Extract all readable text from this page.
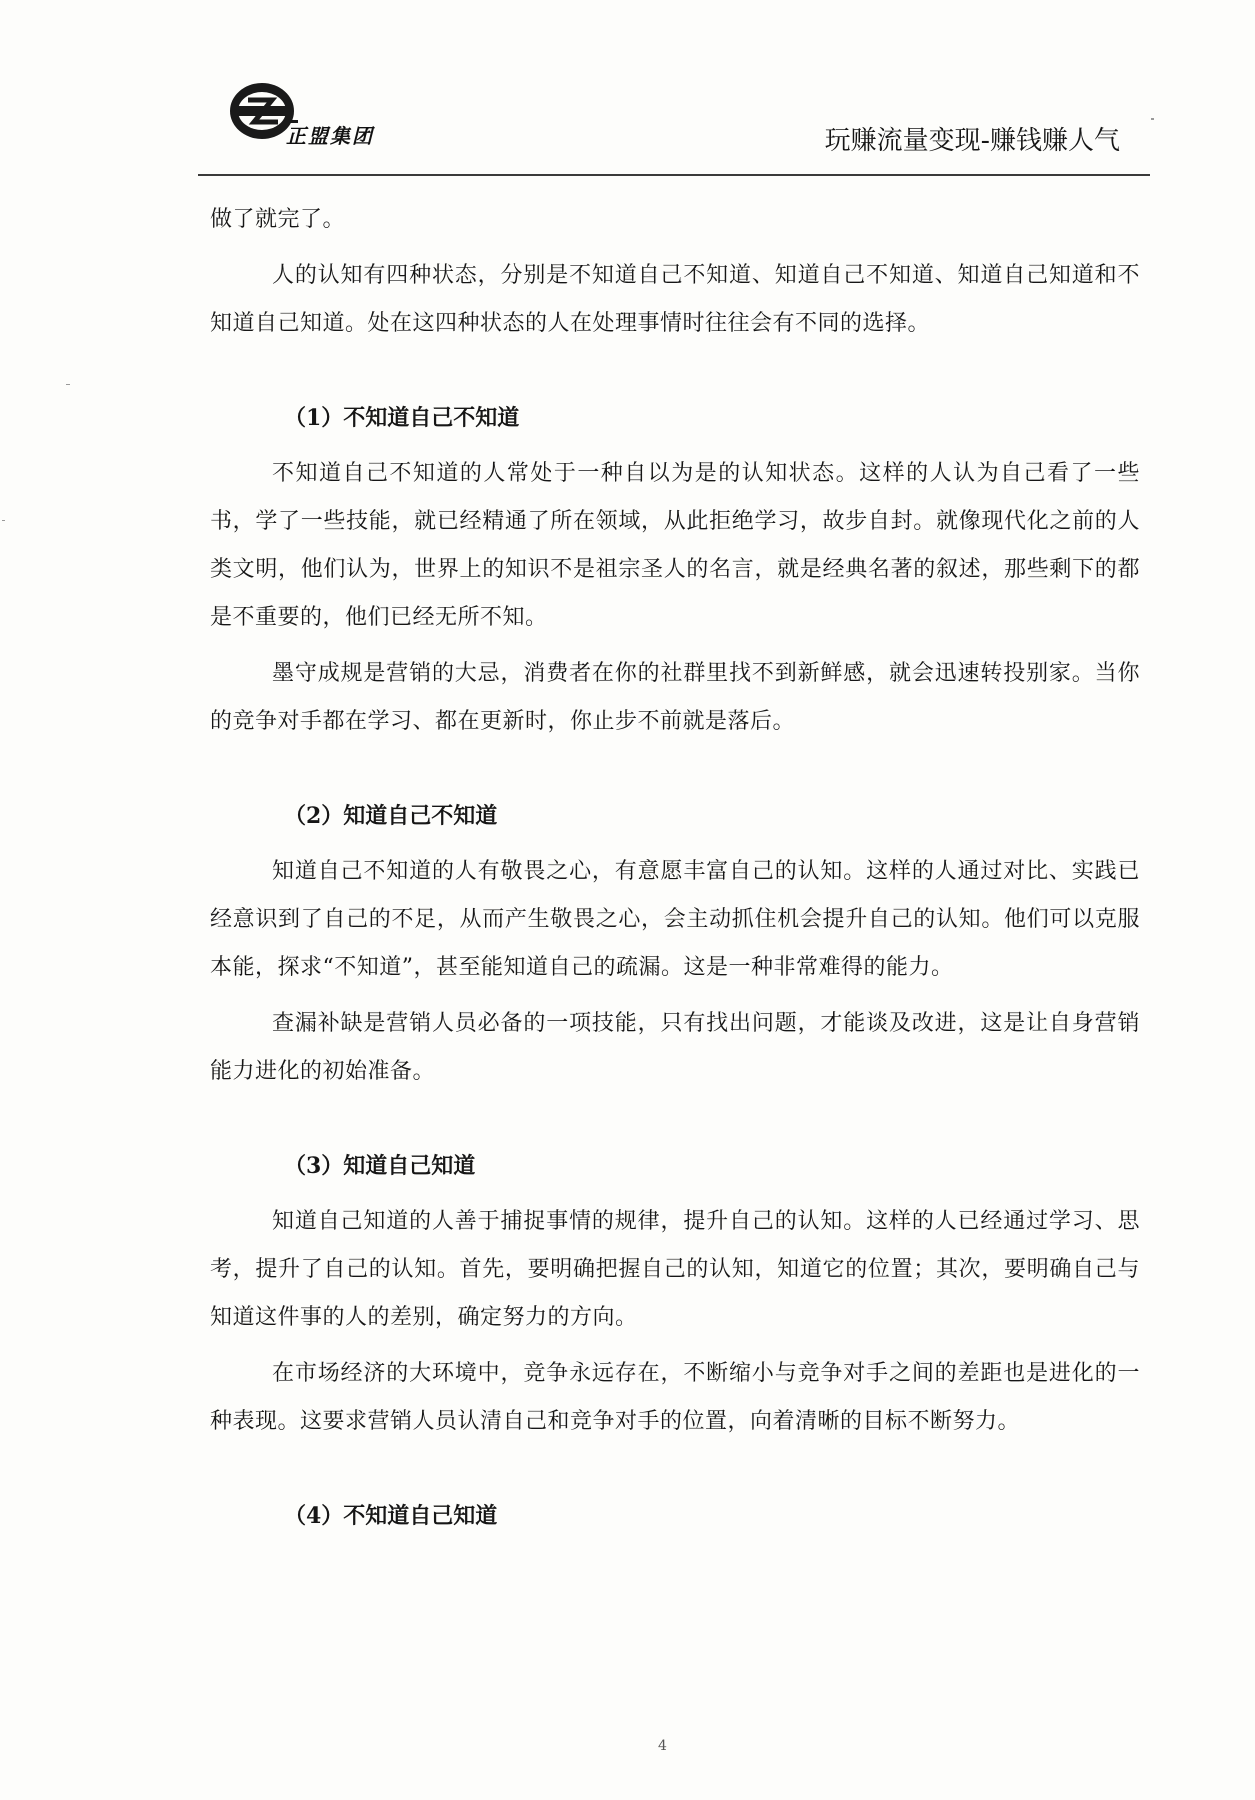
正盟集团	玩赚流量变现-赚钱赚人气

做了就完了。

人的认知有四种状态，分别是不知道自己不知道、知道自己不知道、知道自己知道和不知道自己知道。处在这四种状态的人在处理事情时往往会有不同的选择。

（1）不知道自己不知道

不知道自己不知道的人常处于一种自以为是的认知状态。这样的人认为自己看了一些书，学了一些技能，就已经精通了所在领域，从此拒绝学习，故步自封。就像现代化之前的人类文明，他们认为，世界上的知识不是祖宗圣人的名言，就是经典名著的叙述，那些剩下的都是不重要的，他们已经无所不知。

墨守成规是营销的大忌，消费者在你的社群里找不到新鲜感，就会迅速转投别家。当你的竞争对手都在学习、都在更新时，你止步不前就是落后。

（2）知道自己不知道

知道自己不知道的人有敬畏之心，有意愿丰富自己的认知。这样的人通过对比、实践已经意识到了自己的不足，从而产生敬畏之心，会主动抓住机会提升自己的认知。他们可以克服本能，探求“不知道”，甚至能知道自己的疏漏。这是一种非常难得的能力。

查漏补缺是营销人员必备的一项技能，只有找出问题，才能谈及改进，这是让自身营销能力进化的初始准备。

（3）知道自己知道

知道自己知道的人善于捕捉事情的规律，提升自己的认知。这样的人已经通过学习、思考，提升了自己的认知。首先，要明确把握自己的认知，知道它的位置；其次，要明确自己与知道这件事的人的差别，确定努力的方向。

在市场经济的大环境中，竞争永远存在，不断缩小与竞争对手之间的差距也是进化的一种表现。这要求营销人员认清自己和竞争对手的位置，向着清晰的目标不断努力。

（4）不知道自己知道

4
